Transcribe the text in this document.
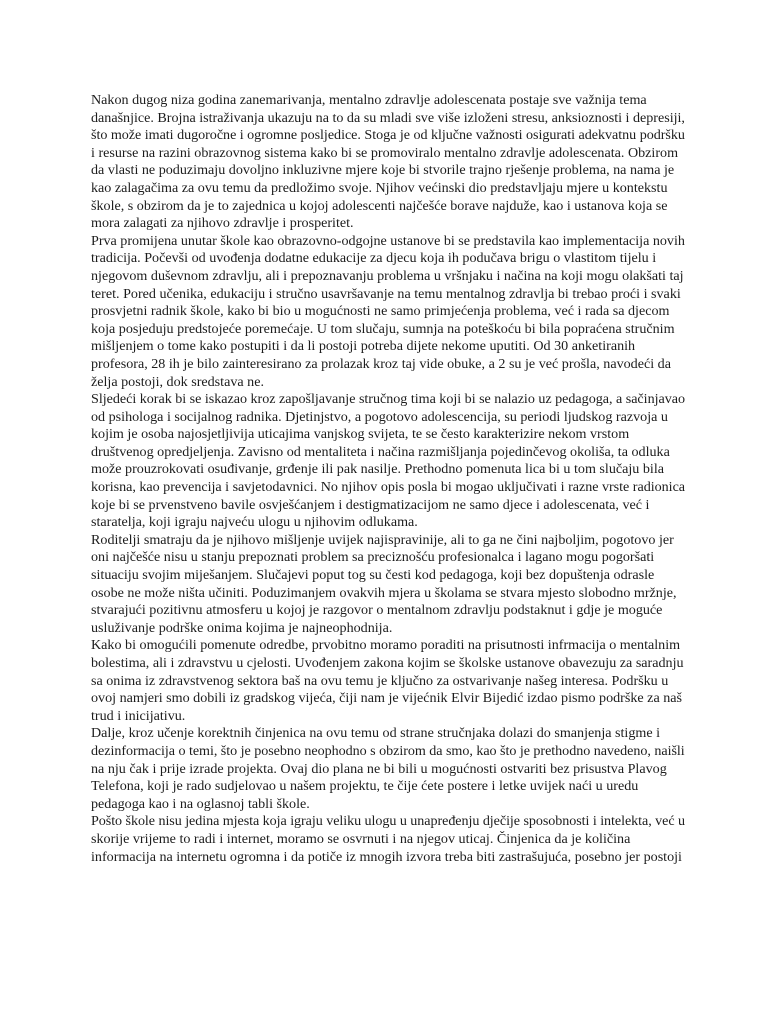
Nakon dugog niza godina zanemarivanja, mentalno zdravlje adolescenata postaje sve važnija tema
današnjice. Brojna istraživanja ukazuju na to da su mladi sve više izloženi stresu, anksioznosti i depresiji,
što može imati dugoročne i ogromne posljedice. Stoga je od ključne važnosti osigurati adekvatnu podršku
i resurse na razini obrazovnog sistema kako bi se promoviralo mentalno zdravlje adolescenata. Obzirom
da vlasti ne poduzimaju dovoljno inkluzivne mjere koje bi stvorile trajno rješenje problema, na nama je
kao zalagačima za ovu temu da predložimo svoje. Njihov većinski dio predstavljaju mjere u kontekstu
škole, s obzirom da je to zajednica u kojoj adolescenti najčešće borave najduže, kao i ustanova koja se
mora zalagati za njihovo zdravlje i prosperitet.
Prva promijena unutar škole kao obrazovno-odgojne ustanove bi se predstavila kao implementacija novih
tradicija. Počevši od uvođenja dodatne edukacije za djecu koja ih podučava brigu o vlastitom tijelu i
njegovom duševnom zdravlju, ali i prepoznavanju problema u vršnjaku i načina na koji mogu olakšati taj
teret. Pored učenika, edukaciju i stručno usavršavanje na temu mentalnog zdravlja bi trebao proći i svaki
prosvjetni radnik škole, kako bi bio u mogućnosti ne samo primjećenja problema, već i rada sa djecom
koja posjeduju predstojeće poremećaje. U tom slučaju, sumnja na poteškoću bi bila popraćena stručnim
mišljenjem o tome kako postupiti i da li postoji potreba dijete nekome uputiti. Od 30 anketiranih
profesora, 28 ih je bilo zainteresirano za prolazak kroz taj vide obuke, a 2 su je već prošla, navodeći da
želja postoji, dok sredstava ne.
Sljedeći korak bi se iskazao kroz zapošljavanje stručnog tima koji bi se nalazio uz pedagoga, a sačinjavao
od psihologa i socijalnog radnika. Djetinjstvo, a pogotovo adolescencija, su periodi ljudskog razvoja u
kojim je osoba najosjetljivija uticajima vanjskog svijeta, te se često karakterizire nekom vrstom
društvenog opredjeljenja. Zavisno od mentaliteta i načina razmišljanja pojedinčevog okoliša, ta odluka
može prouzrokovati osuđivanje, grđenje ili pak nasilje. Prethodno pomenuta lica bi u tom slučaju bila
korisna, kao prevencija i savjetodavnici. No njihov opis posla bi mogao uključivati i razne vrste radionica
koje bi se prvenstveno bavile osvješćanjem i destigmatizacijom ne samo djece i adolescenata, već i
staratelja, koji igraju najveću ulogu u njihovim odlukama.
Roditelji smatraju da je njihovo mišljenje uvijek najispravinije, ali to ga ne čini najboljim, pogotovo jer
oni najčešće nisu u stanju prepoznati problem sa preciznošću profesionalca i lagano mogu pogoršati
situaciju svojim miješanjem. Slučajevi poput tog su česti kod pedagoga, koji bez dopuštenja odrasle
osobe ne može ništa učiniti. Poduzimanjem ovakvih mjera u školama se stvara mjesto slobodno mržnje,
stvarajući pozitivnu atmosferu u kojoj je razgovor o mentalnom zdravlju podstaknut i gdje je moguće
usluživanje podrške onima kojima je najneophodnija.
Kako bi omogućili pomenute odredbe, prvobitno moramo poraditi na prisutnosti infrmacija o mentalnim
bolestima, ali i zdravstvu u cjelosti. Uvođenjem zakona kojim se školske ustanove obavezuju za saradnju
sa onima iz zdravstvenog sektora baš na ovu temu je ključno za ostvarivanje našeg interesa. Podršku u
ovoj namjeri smo dobili iz gradskog vijeća, čiji nam je vijećnik Elvir Bijedić izdao pismo podrške za naš
trud i inicijativu.
Dalje, kroz učenje korektnih činjenica na ovu temu od strane stručnjaka dolazi do smanjenja stigme i
dezinformacija o temi, što je posebno neophodno s obzirom da smo, kao što je prethodno navedeno, naišli
na nju čak i prije izrade projekta. Ovaj dio plana ne bi bili u mogućnosti ostvariti bez prisustva Plavog
Telefona, koji je rado sudjelovao u našem projektu, te čije ćete postere i letke uvijek naći u uredu
pedagoga kao i na oglasnoj tabli škole.
Pošto škole nisu jedina mjesta koja igraju veliku ulogu u unapređenju dječije sposobnosti i intelekta, već u
skorije vrijeme to radi i internet, moramo se osvrnuti i na njegov uticaj. Činjenica da je količina
informacija na internetu ogromna i da potiče iz mnogih izvora treba biti zastrašujuća, posebno jer postoji
